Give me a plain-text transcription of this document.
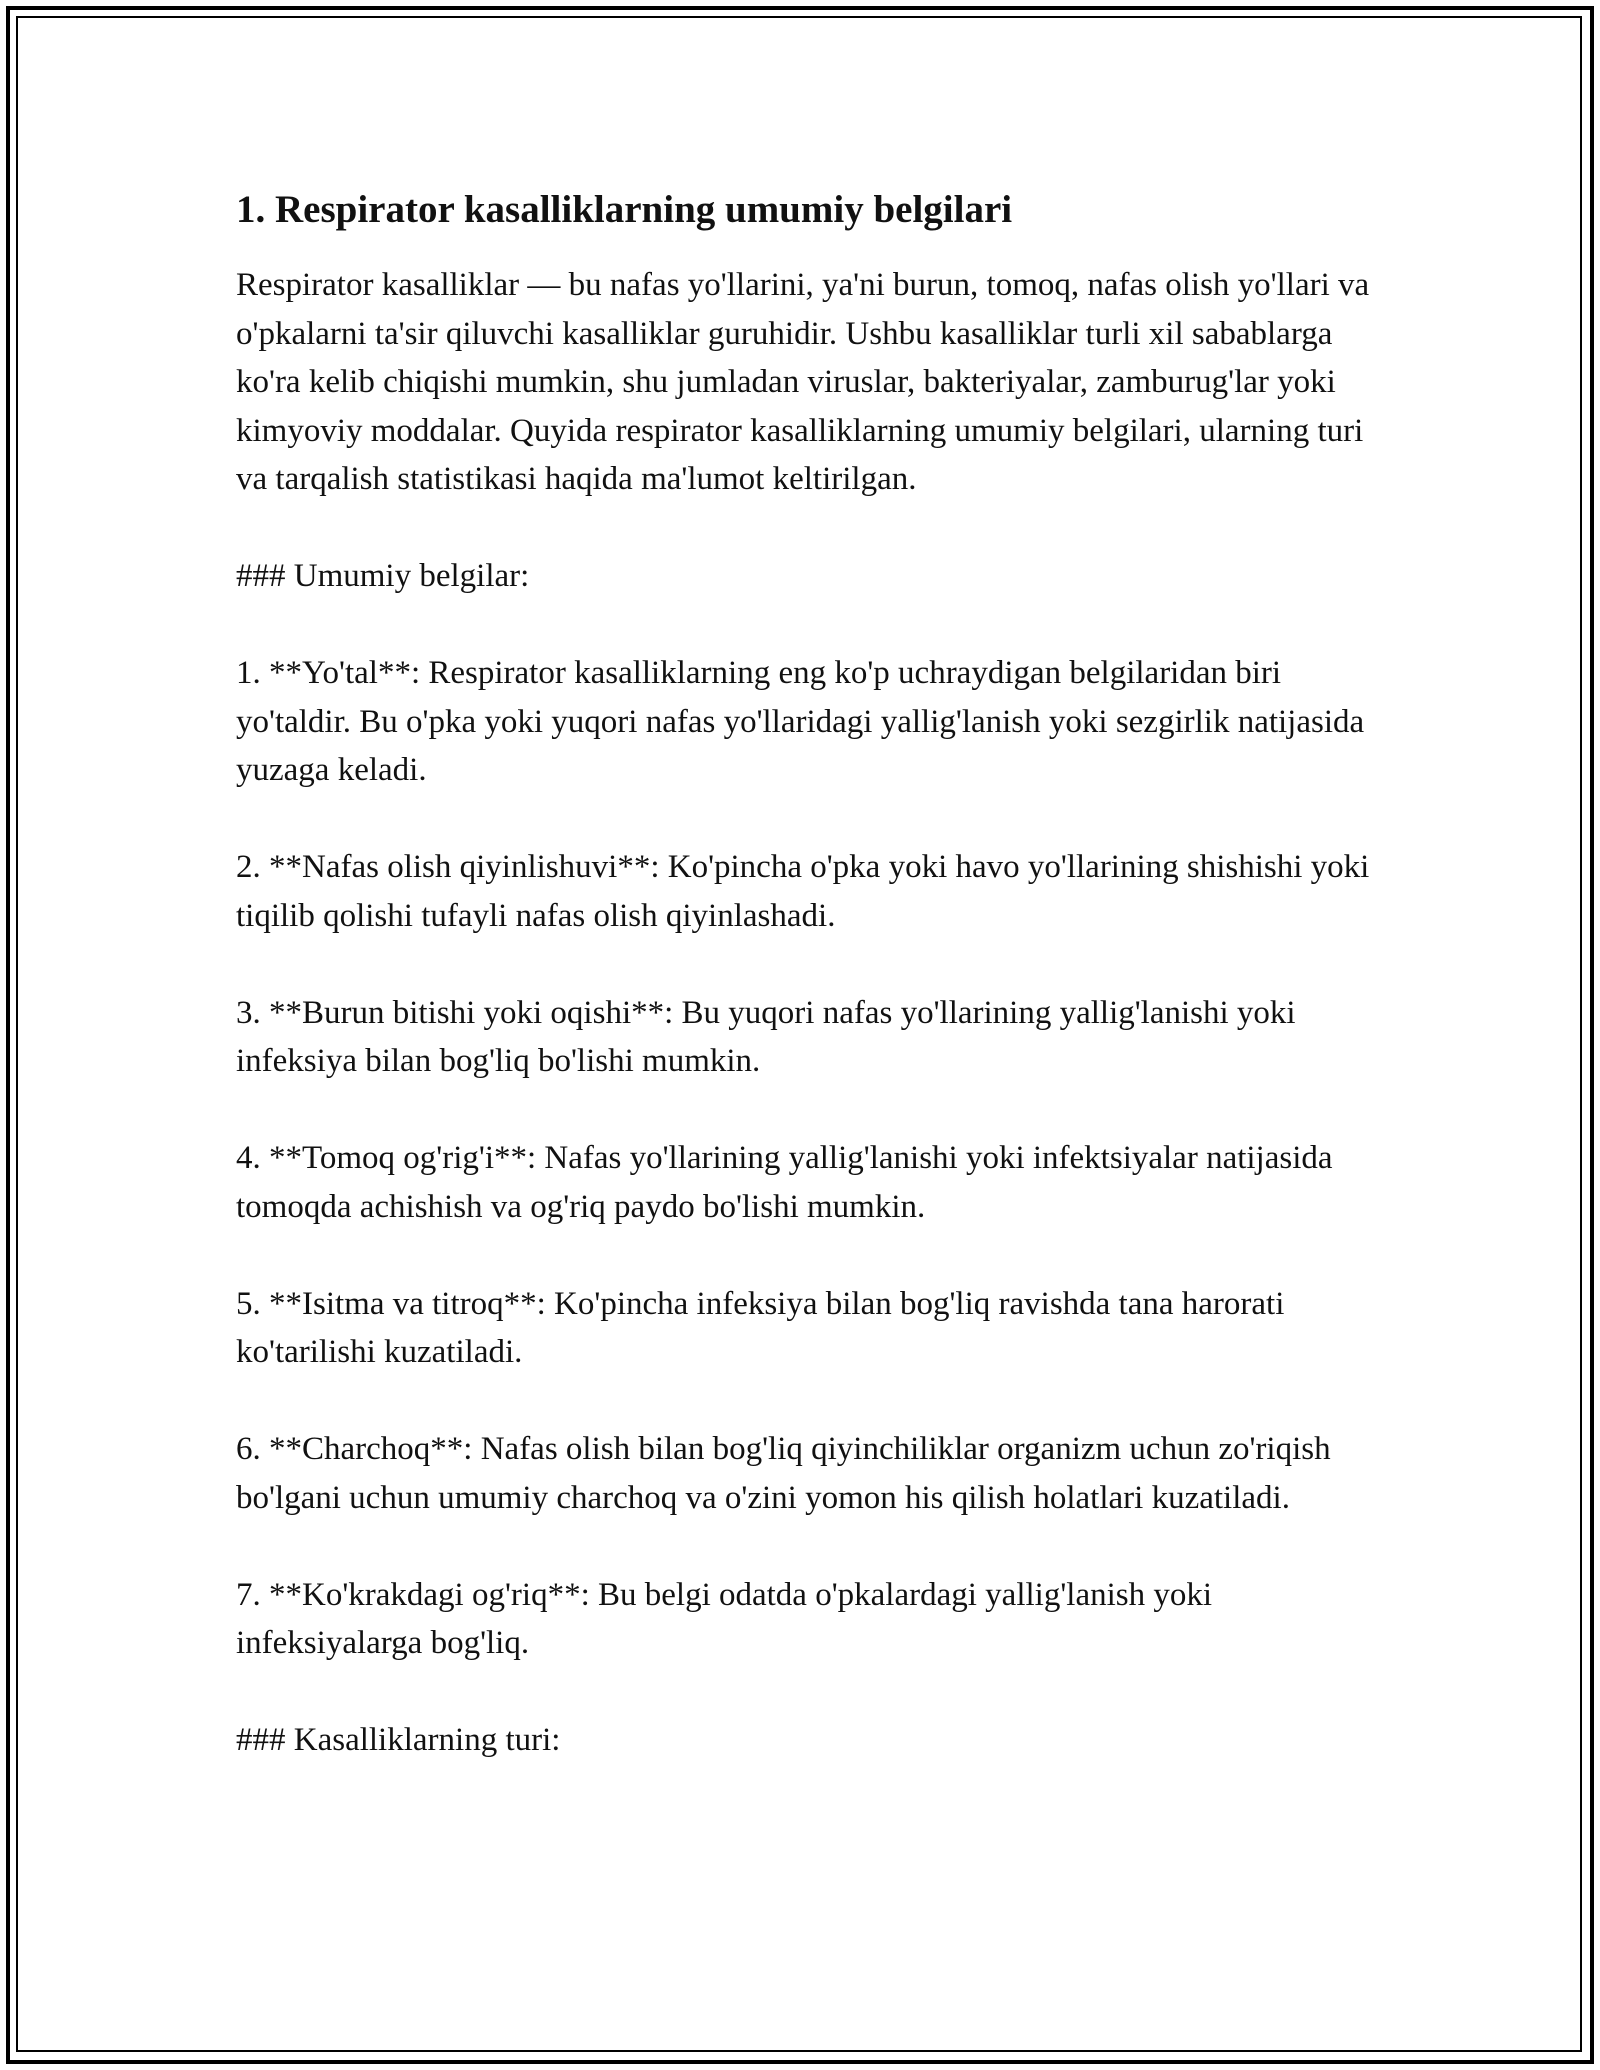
1. Respirator kasalliklarning umumiy belgilari

Respirator kasalliklar — bu nafas yo'llarini, ya'ni burun, tomoq, nafas olish yo'llari va o'pkalarni ta'sir qiluvchi kasalliklar guruhidir. Ushbu kasalliklar turli xil sabablarga ko'ra kelib chiqishi mumkin, shu jumladan viruslar, bakteriyalar, zamburug'lar yoki kimyoviy moddalar. Quyida respirator kasalliklarning umumiy belgilari, ularning turi va tarqalish statistikasi haqida ma'lumot keltirilgan.

### Umumiy belgilar:

1. **Yo'tal**: Respirator kasalliklarning eng ko'p uchraydigan belgilaridan biri yo'taldir. Bu o'pka yoki yuqori nafas yo'llaridagi yallig'lanish yoki sezgirlik natijasida yuzaga keladi.

2. **Nafas olish qiyinlishuvi**: Ko'pincha o'pka yoki havo yo'llarining shishishi yoki tiqilib qolishi tufayli nafas olish qiyinlashadi.

3. **Burun bitishi yoki oqishi**: Bu yuqori nafas yo'llarining yallig'lanishi yoki infeksiya bilan bog'liq bo'lishi mumkin.

4. **Tomoq og'rig'i**: Nafas yo'llarining yallig'lanishi yoki infektsiyalar natijasida tomoqda achishish va og'riq paydo bo'lishi mumkin.

5. **Isitma va titroq**: Ko'pincha infeksiya bilan bog'liq ravishda tana harorati ko'tarilishi kuzatiladi.

6. **Charchoq**: Nafas olish bilan bog'liq qiyinchiliklar organizm uchun zo'riqish bo'lgani uchun umumiy charchoq va o'zini yomon his qilish holatlari kuzatiladi.

7. **Ko'krakdagi og'riq**: Bu belgi odatda o'pkalardagi yallig'lanish yoki infeksiyalarga bog'liq.

### Kasalliklarning turi:
